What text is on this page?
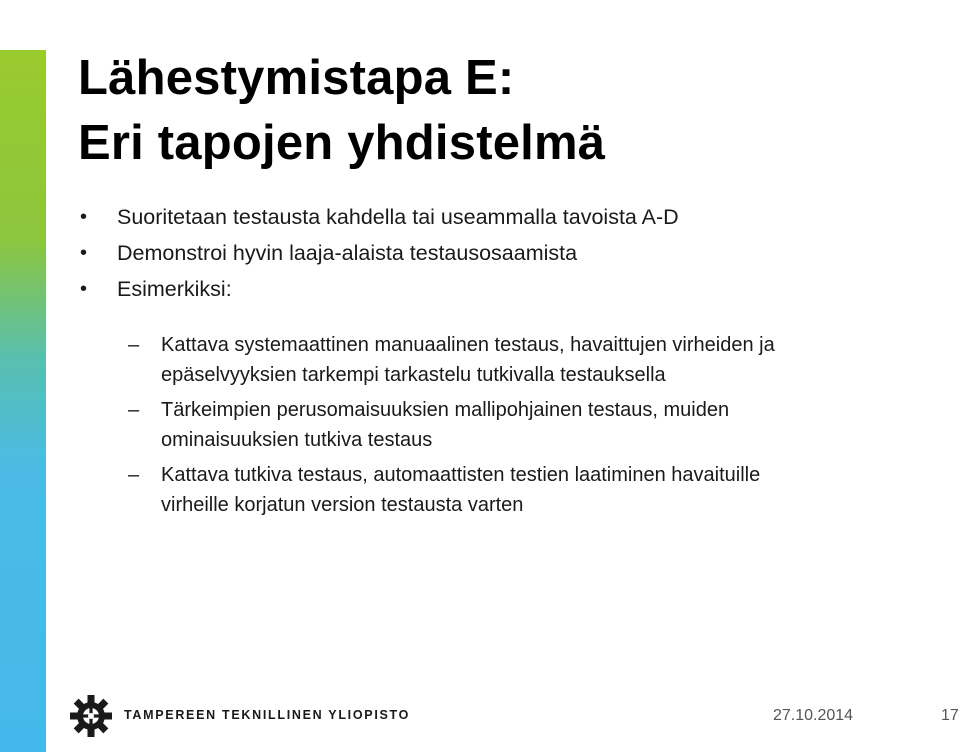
Lähestymistapa E:
Eri tapojen yhdistelmä
• Suoritetaan testausta kahdella tai useammalla tavoista A-D
• Demonstroi hyvin laaja-alaista testausosaamista
• Esimerkiksi:
– Kattava systemaattinen manuaalinen testaus, havaittujen virheiden ja
epäselvyyksien tarkempi tarkastelu tutkivalla testauksella
– Tärkeimpien perusomaisuuksien mallipohjainen testaus, muiden
ominaisuuksien tutkiva testaus
– Kattava tutkiva testaus, automaattisten testien laatiminen havaituille
virheille korjatun version testausta varten
TAMPEREEN TEKNILLINEN YLIOPISTO	27.10.2014	17
